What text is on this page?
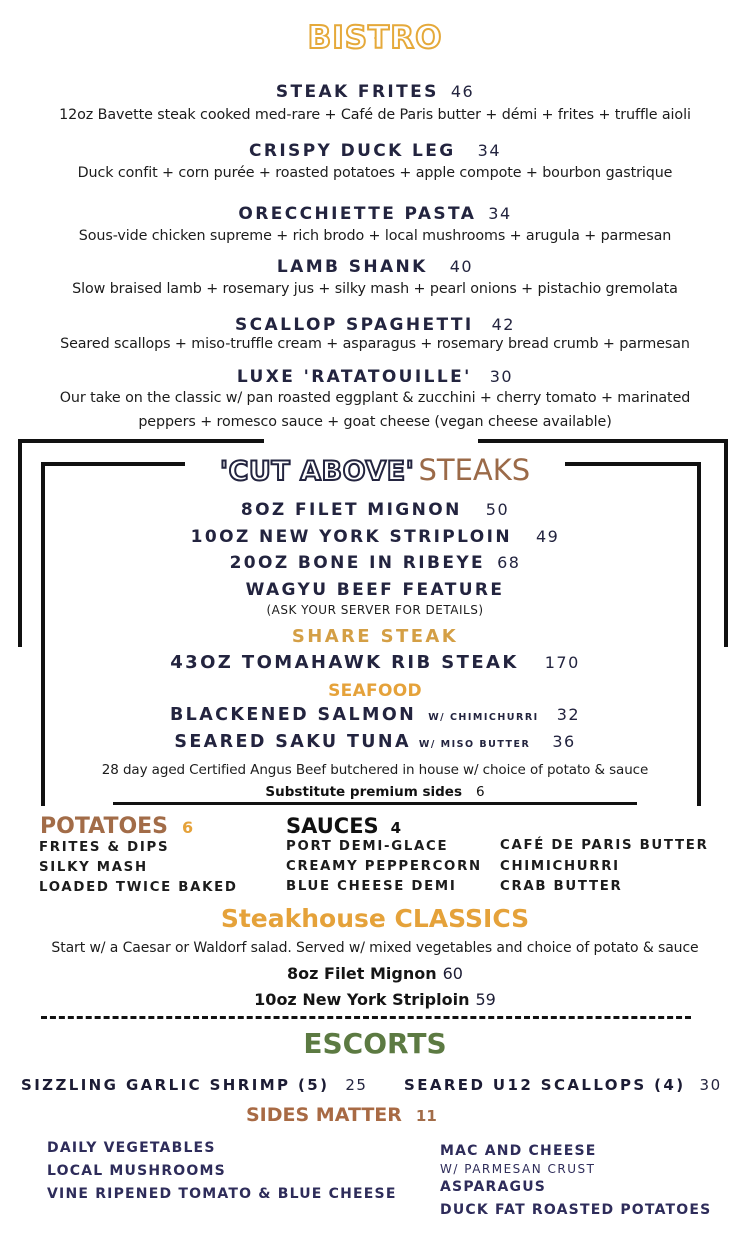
BISTRO
STEAK FRITES 46
12oz Bavette steak cooked med-rare + Café de Paris butter + démi + frites + truffle aioli
CRISPY DUCK LEG 34
Duck confit + corn purée + roasted potatoes + apple compote + bourbon gastrique
ORECCHIETTE PASTA 34
Sous-vide chicken supreme + rich brodo + local mushrooms + arugula + parmesan
LAMB SHANK 40
Slow braised lamb + rosemary jus + silky mash + pearl onions + pistachio gremolata
SCALLOP SPAGHETTI 42
Seared scallops + miso-truffle cream + asparagus + rosemary bread crumb + parmesan
LUXE 'RATATOUILLE' 30
Our take on the classic w/ pan roasted eggplant & zucchini + cherry tomato + marinated
peppers + romesco sauce + goat cheese (vegan cheese available)
'CUT ABOVE' STEAKS
8OZ FILET MIGNON 50
10OZ NEW YORK STRIPLOIN 49
20OZ BONE IN RIBEYE 68
WAGYU BEEF FEATURE
(ASK YOUR SERVER FOR DETAILS)
SHARE STEAK
43OZ TOMAHAWK RIB STEAK 170
SEAFOOD
BLACKENED SALMON W/ CHIMICHURRI 32
SEARED SAKU TUNA W/ MISO BUTTER 36
28 day aged Certified Angus Beef butchered in house w/ choice of potato & sauce
Substitute premium sides 6
POTATOES 6
FRITES & DIPS
SILKY MASH
LOADED TWICE BAKED
SAUCES 4
PORT DEMI-GLACE
CREAMY PEPPERCORN
BLUE CHEESE DEMI
CAFÉ DE PARIS BUTTER
CHIMICHURRI
CRAB BUTTER
Steakhouse CLASSICS
Start w/ a Caesar or Waldorf salad. Served w/ mixed vegetables and choice of potato & sauce
8oz Filet Mignon 60
10oz New York Striploin 59
ESCORTS
SIZZLING GARLIC SHRIMP (5) 25 SEARED U12 SCALLOPS (4) 30
SIDES MATTER 11
DAILY VEGETABLES
LOCAL MUSHROOMS
VINE RIPENED TOMATO & BLUE CHEESE
MAC AND CHEESE
W/ PARMESAN CRUST
ASPARAGUS
DUCK FAT ROASTED POTATOES
